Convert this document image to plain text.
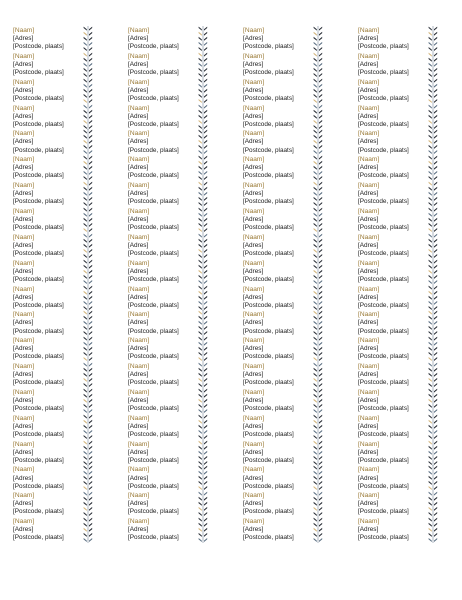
[Naam]
[Adres]
[Postcode, plaats]
[Naam]
[Adres]
[Postcode, plaats]
[Naam]
[Adres]
[Postcode, plaats]
[Naam]
[Adres]
[Postcode, plaats]
[Naam]
[Adres]
[Postcode, plaats]
[Naam]
[Adres]
[Postcode, plaats]
[Naam]
[Adres]
[Postcode, plaats]
[Naam]
[Adres]
[Postcode, plaats]
[Naam]
[Adres]
[Postcode, plaats]
[Naam]
[Adres]
[Postcode, plaats]
[Naam]
[Adres]
[Postcode, plaats]
[Naam]
[Adres]
[Postcode, plaats]
[Naam]
[Adres]
[Postcode, plaats]
[Naam]
[Adres]
[Postcode, plaats]
[Naam]
[Adres]
[Postcode, plaats]
[Naam]
[Adres]
[Postcode, plaats]
[Naam]
[Adres]
[Postcode, plaats]
[Naam]
[Adres]
[Postcode, plaats]
[Naam]
[Adres]
[Postcode, plaats]
[Naam]
[Adres]
[Postcode, plaats]
[Naam]
[Adres]
[Postcode, plaats]
[Naam]
[Adres]
[Postcode, plaats]
[Naam]
[Adres]
[Postcode, plaats]
[Naam]
[Adres]
[Postcode, plaats]
[Naam]
[Adres]
[Postcode, plaats]
[Naam]
[Adres]
[Postcode, plaats]
[Naam]
[Adres]
[Postcode, plaats]
[Naam]
[Adres]
[Postcode, plaats]
[Naam]
[Adres]
[Postcode, plaats]
[Naam]
[Adres]
[Postcode, plaats]
[Naam]
[Adres]
[Postcode, plaats]
[Naam]
[Adres]
[Postcode, plaats]
[Naam]
[Adres]
[Postcode, plaats]
[Naam]
[Adres]
[Postcode, plaats]
[Naam]
[Adres]
[Postcode, plaats]
[Naam]
[Adres]
[Postcode, plaats]
[Naam]
[Adres]
[Postcode, plaats]
[Naam]
[Adres]
[Postcode, plaats]
[Naam]
[Adres]
[Postcode, plaats]
[Naam]
[Adres]
[Postcode, plaats]
[Naam]
[Adres]
[Postcode, plaats]
[Naam]
[Adres]
[Postcode, plaats]
[Naam]
[Adres]
[Postcode, plaats]
[Naam]
[Adres]
[Postcode, plaats]
[Naam]
[Adres]
[Postcode, plaats]
[Naam]
[Adres]
[Postcode, plaats]
[Naam]
[Adres]
[Postcode, plaats]
[Naam]
[Adres]
[Postcode, plaats]
[Naam]
[Adres]
[Postcode, plaats]
[Naam]
[Adres]
[Postcode, plaats]
[Naam]
[Adres]
[Postcode, plaats]
[Naam]
[Adres]
[Postcode, plaats]
[Naam]
[Adres]
[Postcode, plaats]
[Naam]
[Adres]
[Postcode, plaats]
[Naam]
[Adres]
[Postcode, plaats]
[Naam]
[Adres]
[Postcode, plaats]
[Naam]
[Adres]
[Postcode, plaats]
[Naam]
[Adres]
[Postcode, plaats]
[Naam]
[Adres]
[Postcode, plaats]
[Naam]
[Adres]
[Postcode, plaats]
[Naam]
[Adres]
[Postcode, plaats]
[Naam]
[Adres]
[Postcode, plaats]
[Naam]
[Adres]
[Postcode, plaats]
[Naam]
[Adres]
[Postcode, plaats]
[Naam]
[Adres]
[Postcode, plaats]
[Naam]
[Adres]
[Postcode, plaats]
[Naam]
[Adres]
[Postcode, plaats]
[Naam]
[Adres]
[Postcode, plaats]
[Naam]
[Adres]
[Postcode, plaats]
[Naam]
[Adres]
[Postcode, plaats]
[Naam]
[Adres]
[Postcode, plaats]
[Naam]
[Adres]
[Postcode, plaats]
[Naam]
[Adres]
[Postcode, plaats]
[Naam]
[Adres]
[Postcode, plaats]
[Naam]
[Adres]
[Postcode, plaats]
[Naam]
[Adres]
[Postcode, plaats]
[Naam]
[Adres]
[Postcode, plaats]
[Naam]
[Adres]
[Postcode, plaats]
[Naam]
[Adres]
[Postcode, plaats]
[Naam]
[Adres]
[Postcode, plaats]
